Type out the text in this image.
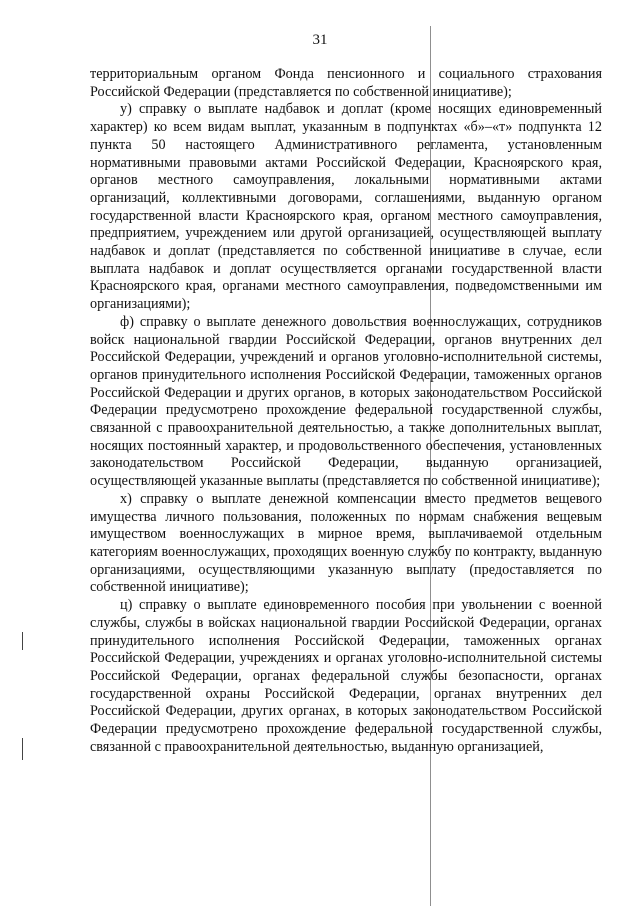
31

территориальным органом Фонда пенсионного и социального страхования Российской Федерации (представляется по собственной инициативе);

у) справку о выплате надбавок и доплат (кроме носящих единовременный характер) ко всем видам выплат, указанным в подпунктах «б»–«т» подпункта 12 пункта 50 настоящего Административного регламента, установленным нормативными правовыми актами Российской Федерации, Красноярского края, органов местного самоуправления, локальными нормативными актами организаций, коллективными договорами, соглашениями, выданную органом государственной власти Красноярского края, органом местного самоуправления, предприятием, учреждением или другой организацией, осуществляющей выплату надбавок и доплат (представляется по собственной инициативе в случае, если выплата надбавок и доплат осуществляется органами государственной власти Красноярского края, органами местного самоуправления, подведомственными им организациями);

ф) справку о выплате денежного довольствия военнослужащих, сотрудников войск национальной гвардии Российской Федерации, органов внутренних дел Российской Федерации, учреждений и органов уголовно-исполнительной системы, органов принудительного исполнения Российской Федерации, таможенных органов Российской Федерации и других органов, в которых законодательством Российской Федерации предусмотрено прохождение федеральной государственной службы, связанной с правоохранительной деятельностью, а также дополнительных выплат, носящих постоянный характер, и продовольственного обеспечения, установленных законодательством Российской Федерации, выданную организацией, осуществляющей указанные выплаты (представляется по собственной инициативе);

х) справку о выплате денежной компенсации вместо предметов вещевого имущества личного пользования, положенных по нормам снабжения вещевым имуществом военнослужащих в мирное время, выплачиваемой отдельным категориям военнослужащих, проходящих военную службу по контракту, выданную организациями, осуществляющими указанную выплату (предоставляется по собственной инициативе);

ц) справку о выплате единовременного пособия при увольнении с военной службы, службы в войсках национальной гвардии Российской Федерации, органах принудительного исполнения Российской Федерации, таможенных органах Российской Федерации, учреждениях и органах уголовно-исполнительной системы Российской Федерации, органах федеральной службы безопасности, органах государственной охраны Российской Федерации, органах внутренних дел Российской Федерации, других органах, в которых законодательством Российской Федерации предусмотрено прохождение федеральной государственной службы, связанной с правоохранительной деятельностью, выданную организацией,
